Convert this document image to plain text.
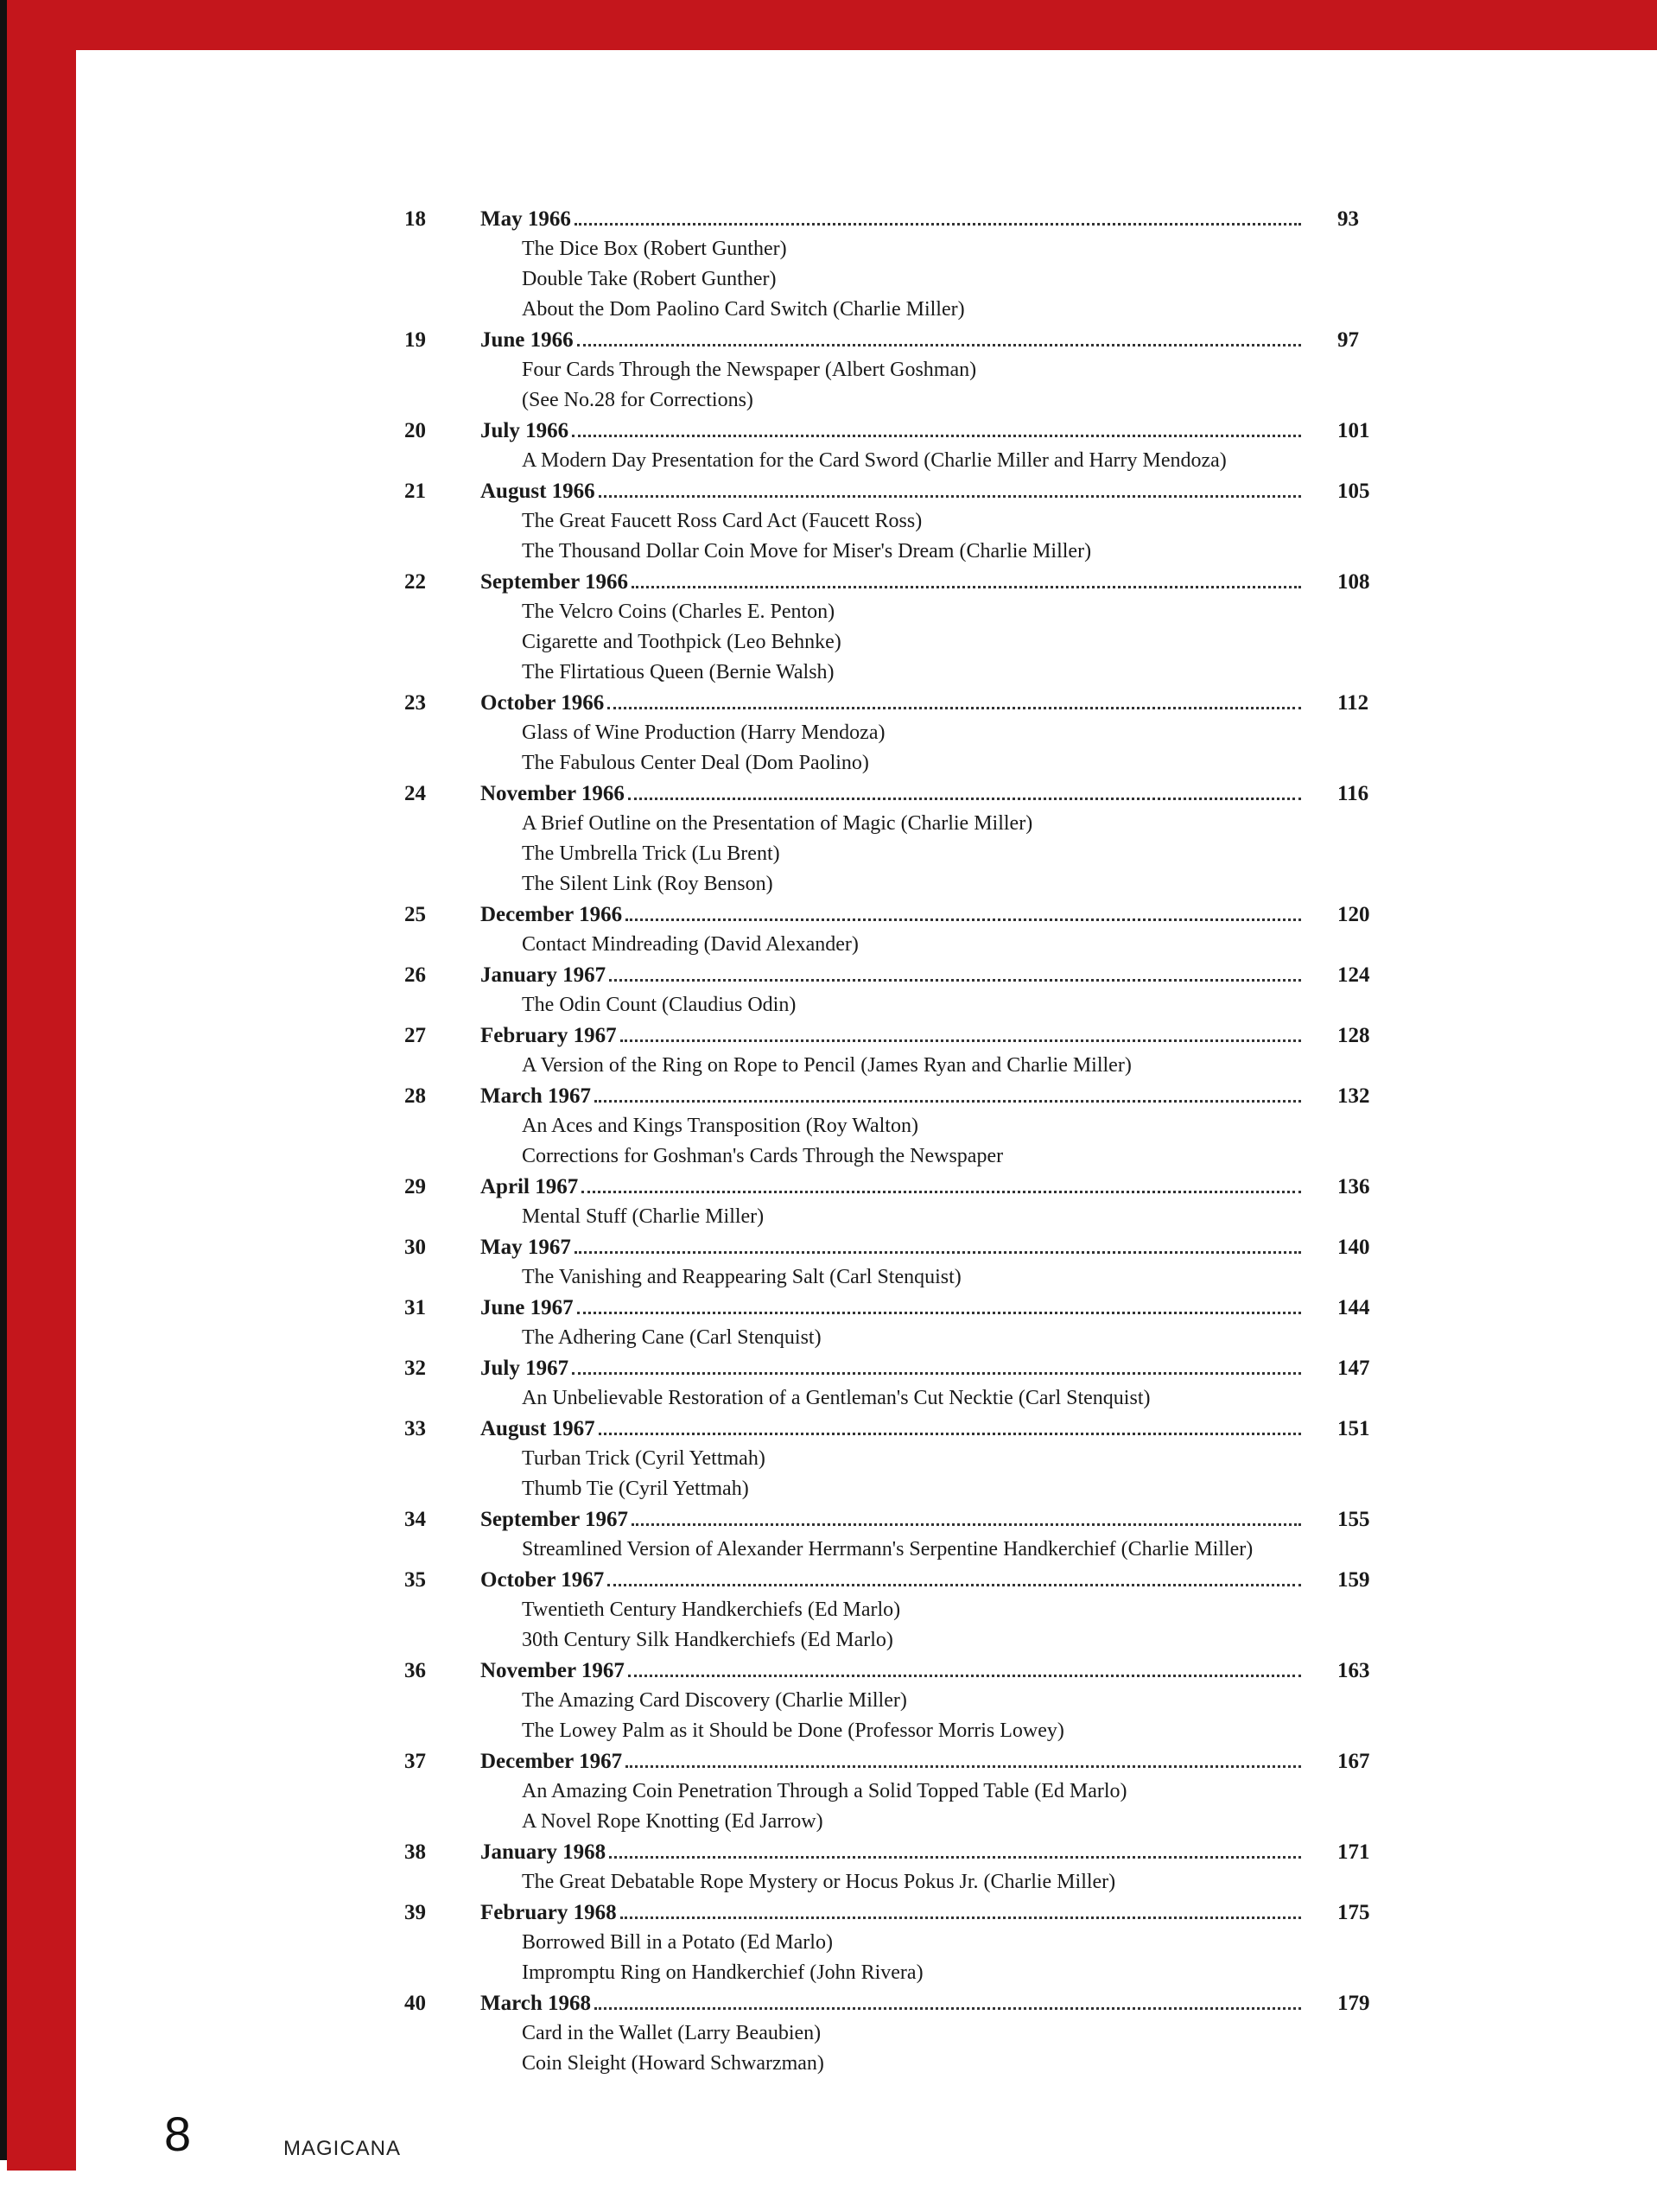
18	May 1966	93
The Dice Box (Robert Gunther)
Double Take (Robert Gunther)
About the Dom Paolino Card Switch (Charlie Miller)
19	June 1966	97
Four Cards Through the Newspaper (Albert Goshman)
(See No.28 for Corrections)
20	July 1966	101
A Modern Day Presentation for the Card Sword (Charlie Miller and Harry Mendoza)
21	August 1966	105
The Great Faucett Ross Card Act (Faucett Ross)
The Thousand Dollar Coin Move for Miser's Dream (Charlie Miller)
22	September 1966	108
The Velcro Coins (Charles E. Penton)
Cigarette and Toothpick (Leo Behnke)
The Flirtatious Queen (Bernie Walsh)
23	October 1966	112
Glass of Wine Production (Harry Mendoza)
The Fabulous Center Deal (Dom Paolino)
24	November 1966	116
A Brief Outline on the Presentation of Magic (Charlie Miller)
The Umbrella Trick (Lu Brent)
The Silent Link (Roy Benson)
25	December 1966	120
Contact Mindreading (David Alexander)
26	January 1967	124
The Odin Count (Claudius Odin)
27	February 1967	128
A Version of the Ring on Rope to Pencil (James Ryan and Charlie Miller)
28	March 1967	132
An Aces and Kings Transposition (Roy Walton)
Corrections for Goshman's Cards Through the Newspaper
29	April 1967	136
Mental Stuff (Charlie Miller)
30	May 1967	140
The Vanishing and Reappearing Salt (Carl Stenquist)
31	June 1967	144
The Adhering Cane (Carl Stenquist)
32	July 1967	147
An Unbelievable Restoration of a Gentleman's Cut Necktie (Carl Stenquist)
33	August 1967	151
Turban Trick (Cyril Yettmah)
Thumb Tie (Cyril Yettmah)
34	September 1967	155
Streamlined Version of Alexander Herrmann's Serpentine Handkerchief (Charlie Miller)
35	October 1967	159
Twentieth Century Handkerchiefs (Ed Marlo)
30th Century Silk Handkerchiefs (Ed Marlo)
36	November 1967	163
The Amazing Card Discovery (Charlie Miller)
The Lowey Palm as it Should be Done (Professor Morris Lowey)
37	December 1967	167
An Amazing Coin Penetration Through a Solid Topped Table (Ed Marlo)
A Novel Rope Knotting (Ed Jarrow)
38	January 1968	171
The Great Debatable Rope Mystery or Hocus Pokus Jr. (Charlie Miller)
39	February 1968	175
Borrowed Bill in a Potato (Ed Marlo)
Impromptu Ring on Handkerchief (John Rivera)
40	March 1968	179
Card in the Wallet (Larry Beaubien)
Coin Sleight (Howard Schwarzman)
8	MAGICANA
